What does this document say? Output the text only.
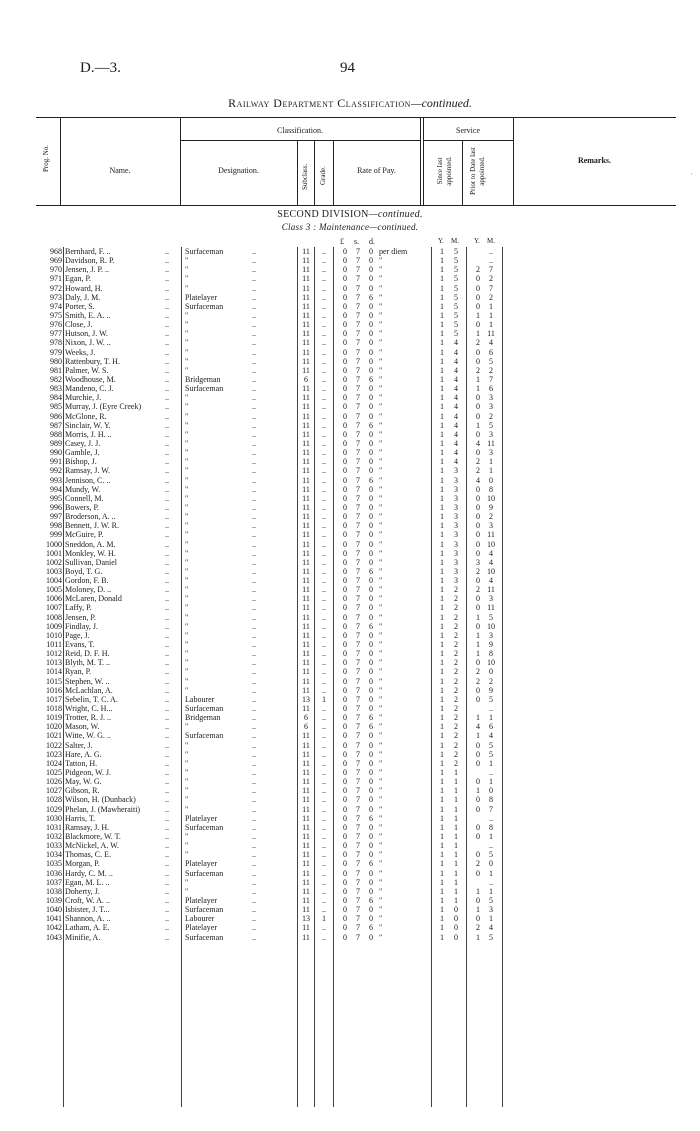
D.—3.	94
Railway Department Classification—continued.
Prog. No.	Name.
Classification.
Designation.	Subclass. Grade.	Rate of Pay.
Service
Since last appointed. Prior to Date last appointed.	Remarks.
SECOND DIVISION—continued.
Class 3 : Maintenance—continued.
£ s. d.	Y. M. Y. M.
968 Bernhard, F. ..	Surfaceman	11	..	0	7 0 per diem	1	5	..
..	..
969 Davidson, R. P.	"	11	..	0	7 0 "	1	5	..
..	..
970 Jensen, J. P. ..	"	11	..	0	7 0 "	1	5	2	7
..	..
971 Egan, P.	"	11	..	0	7 0 "	1	5	0	2
..	..
972 Howard, H.	"	11	..	0	7 0 "	1	5	0	7
..	..
973 Daly, J. M.	Platelayer	11	..	0	7 6 "	1	5	0	2
..	..
974 Porter, S.	Surfaceman	11	..	0	7 0 "	1	5	0	1
..	..
975 Smith, E. A. ..	"	11	..	0	7 0 "	1	5	1	1
..	..
976 Close, J.	"	11	..	0	7 0 "	1	5	0	1
..	..
977 Hutson, J. W.	"	11	..	0	7 0 "	1	5	1 11
..	..
978 Nixon, J. W. ..	"	11	..	0	7 0 "	1	4	2	4
..	..
979 Weeks, J.	"	11	..	0	7 0 "	1	4	0	6
..	..
980 Rattenbury, T. H.	"	11	..	0	7 0 "	1	4	0	5
..	..
981 Palmer, W. S.	"	11	..	0	7 0 "	1	4	2	2
..	..
982 Woodhouse, M.	Bridgeman	6	..	0	7 6 "	1	4	1	7
..	..
983 Mandeno, C. J.	Surfaceman	11	..	0	7 0 "	1	4	1	6
..	..
984 Murchie, J.	"	11	..	0	7 0 "	1	4	0	3
..	..
985 Murray, J. (Eyre Creek)	"	11	..	0	7 0 "	1	4	0	3
..	..
986 McGlone, R.	"	11	..	0	7 0 "	1	4	0	2
..	..
987 Sinclair, W. Y.	"	11	..	0	7 6 "	1	4	1	5
..	..
988 Morris, J. H. ..	"	11	..	0	7 0 "	1	4	0	3
..	..
989 Casey, J. J.	"	11	..	0	7 0 "	1	4	4 11
..	..
990 Gamble, J.	"	11	..	0	7 0 "	1	4	0	3
..	..
991 Bishop, J.	"	11	..	0	7 0 "	1	4	2	1
..	..
992 Ramsay, J. W.	"	11	..	0	7 0 "	1	3	2	1
..	..
993 Jennison, C. ..	"	11	..	0	7 6 "	1	3	4	0
..	..
994 Mundy, W.	"	11	..	0	7 0 "	1	3	0	8
..	..
995 Connell, M.	"	11	..	0	7 0 "	1	3	0 10
..	..
996 Bowers, P.	"	11	..	0	7 0 "	1	3	0	9
..	..
997 Broderson, A. ..	"	11	..	0	7 0 "	1	3	0	2
..	..
998 Bennett, J. W. R.	"	11	..	0	7 0 "	1	3	0	3
..	..
999 McGuire, P.	"	11	..	0	7 0 "	1	3	0 11
..	..
1000 Sneddon, A. M.	"	11	..	0	7 0 "	1	3	0 10
..	..
1001 Monkley, W. H.	"	11	..	0	7 0 "	1	3	0	4
..	..
1002 Sullivan, Daniel	"	11	..	0	7 0 "	1	3	3	4
..	..
1003 Boyd, T. G.	"	11	..	0	7 6 "	1	3	2 10
..	..
1004 Gordon, F. B.	"	11	..	0	7 0 "	1	3	0	4
..	..
1005 Moloney, D. ..	"	11	..	0	7 0 "	1	2	2 11
..	..
1006 McLaren, Donald	"	11	..	0	7 0 "	1	2	0	3
..	..
1007 Laffy, P.	"	11	..	0	7 0 "	1	2	0 11
..	..
1008 Jensen, P.	"	11	..	0	7 0 "	1	2	1	5
..	..
1009 Findlay, J.	"	11	..	0	7 6 "	1	2	0 10
..	..
1010 Page, J.	"	11	..	0	7 0 "	1	2	1	3
..	..
1011 Evans, T.	"	11	..	0	7 0 "	1	2	1	9
..	..
1012 Reid, D. F. H.	"	11	..	0	7 0 "	1	2	1	8
..	..
1013 Blyth, M. T. ..	"	11	..	0	7 0 "	1	2	0 10
..	..
1014 Ryan, P.	"	11	..	0	7 0 "	1	2	2	0
..	..
1015 Stephen, W. ..	"	11	..	0	7 0 "	1	2	2	2
..	..
1016 McLachlan, A.	"	11	..	0	7 0 "	1	2	0	9
..	..
1017 Sebelin, T. C. A.	Labourer	13	1	0	7 0 "	1	2	0	5
..	..
1018 Wright, C. H...	Surfaceman	11	..	0	7 0 "	1	2	..
..	..
1019 Trotter, R. J. ..	Bridgeman	6	..	0	7 6 "	1	2	1	1
..	..
1020 Mason, W.	"	6	..	0	7 6 "	1	2	4	6
..	..
1021 Witte, W. G. ..	Surfaceman	11	..	0	7 0 "	1	2	1	4
..	..
1022 Salter, J.	"	11	..	0	7 0 "	1	2	0	5
..	..
1023 Hare, A. G.	"	11	..	0	7 0 "	1	2	0	5
..	..
1024 Tatton, H.	"	11	..	0	7 0 "	1	2	0	1
..	..
1025 Pidgeon, W. J.	"	11	..	0	7 0 "	1	1	..
..	..
1026 May, W. G.	"	11	..	0	7 0 "	1	1	0	1
..	..
1027 Gibson, R.	"	11	..	0	7 0 "	1	1	1	0
..	..
1028 Wilson, H. (Dunback)	"	11	..	0	7 0 "	1	1	0	8
..	..
1029 Phelan, J. (Mawheraiti)	"	11	..	0	7 0 "	1	1	0	7
..	..
1030 Harris, T.	Platelayer	11	..	0	7 6 "	1	1	..
..	..
1031 Ramsay, J. H.	Surfaceman	11	..	0	7 0 "	1	1	0	8
..	..
1032 Blackmore, W. T.	"	11	..	0	7 0 "	1	1	0	1
..	..
1033 McNickel, A. W.	"	11	..	0	7 0 "	1	1	..
..	..
1034 Thomas, C. E.	"	11	..	0	7 0 "	1	1	0	5
..	..
1035 Morgan, P.	Platelayer	11	..	0	7 6 "	1	1	2	0
..	..
1036 Hardy, C. M. ..	Surfaceman	11	..	0	7 0 "	1	1	0	1
..	..
1037 Egan, M. L. ..	"	11	..	0	7 0 "	1	1	..
..	..
1038 Doherty, J.	"	11	..	0	7 0 "	1	1	1	1
..	..
1039 Croft, W. A. ..	Platelayer	11	..	0	7 6 "	1	1	0	5
..	..
1040 Isbister, J. T...	Surfaceman	11	..	0	7 0 "	1	0	1	3
..	..
1041 Shannon, A. ..	Labourer	13	1	0	7 0 "	1	0	0	1
..	..
1042 Latham, A. E.	Platelayer	11	..	0	7 6 "	1	0	2	4
..	..
1043 Minifie, A.	Surfaceman	11	..	0	7 0 "	1	0	1	5
..	..
·
